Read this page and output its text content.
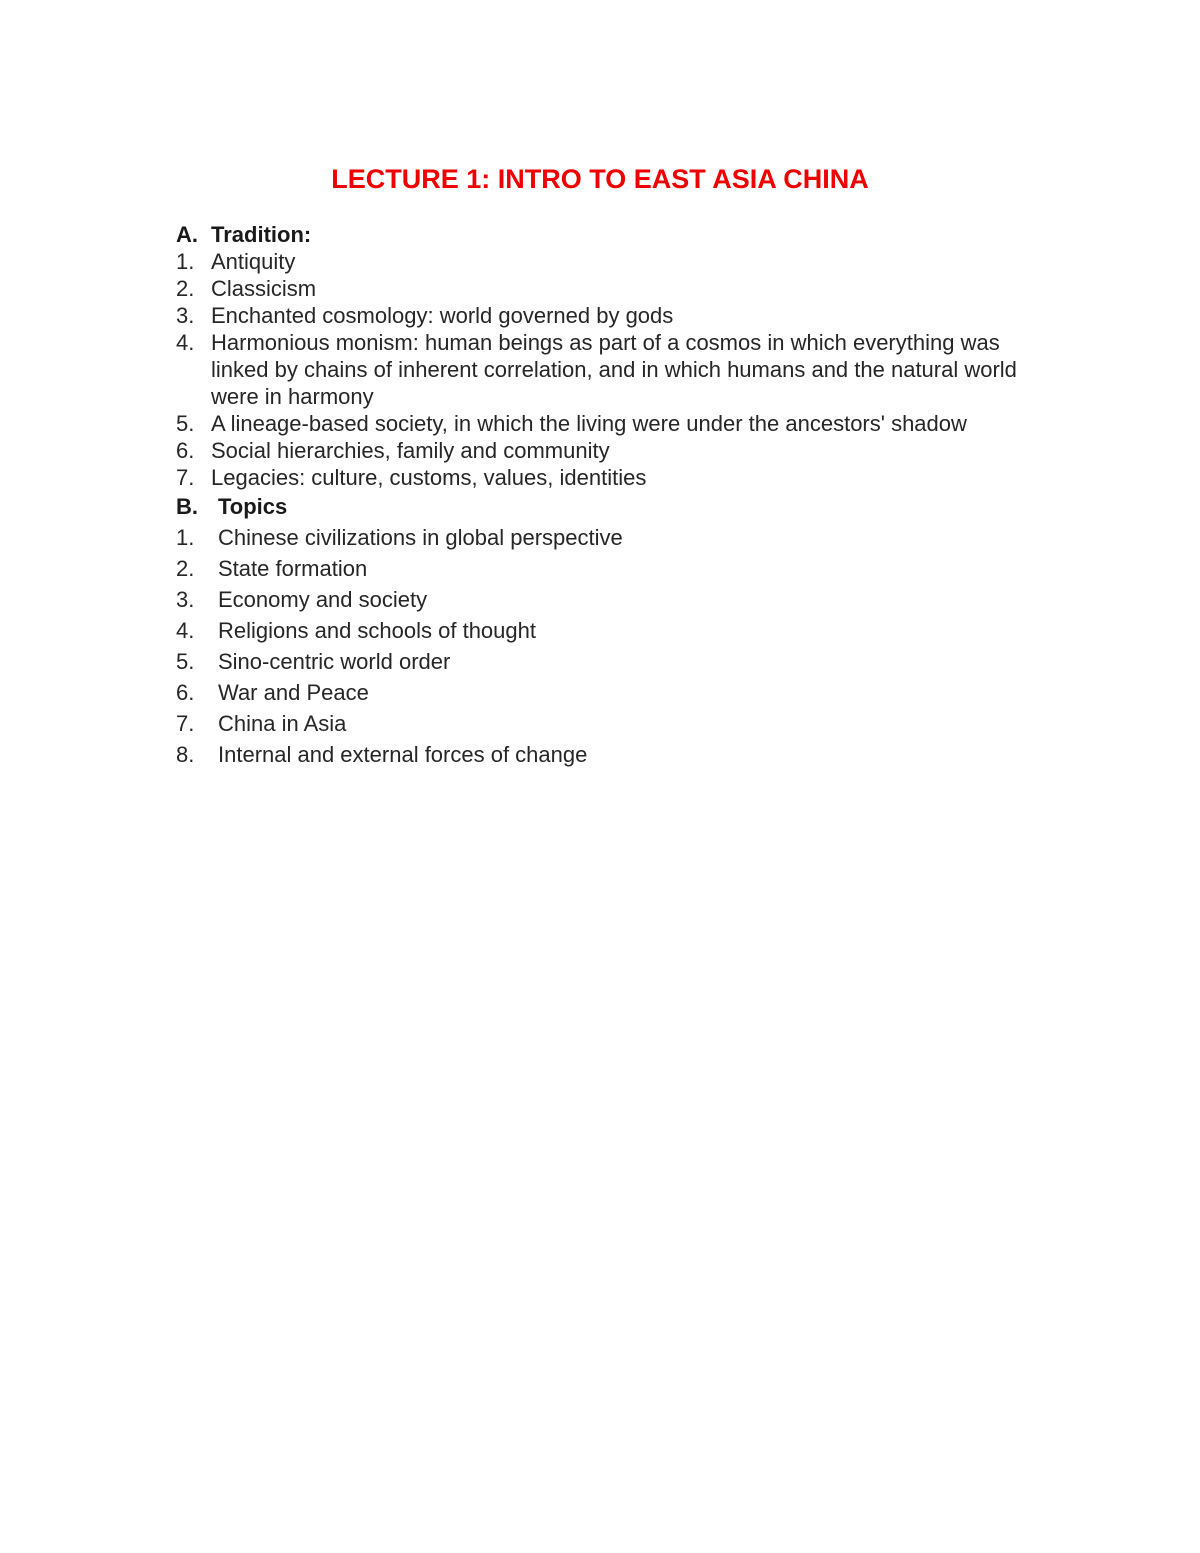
LECTURE 1: INTRO TO EAST ASIA CHINA
A. Tradition:
1. Antiquity
2. Classicism
3. Enchanted cosmology: world governed by gods
4. Harmonious monism: human beings as part of a cosmos in which everything was linked by chains of inherent correlation, and in which humans and the natural world were in harmony
5. A lineage-based society, in which the living were under the ancestors' shadow
6. Social hierarchies, family and community
7. Legacies: culture, customs, values, identities
B. Topics
1.	Chinese civilizations in global perspective
2.	State formation
3.	Economy and society
4.	Religions and schools of thought
5.	Sino-centric world order
6.	War and Peace
7.	China in Asia
8.	Internal and external forces of change
